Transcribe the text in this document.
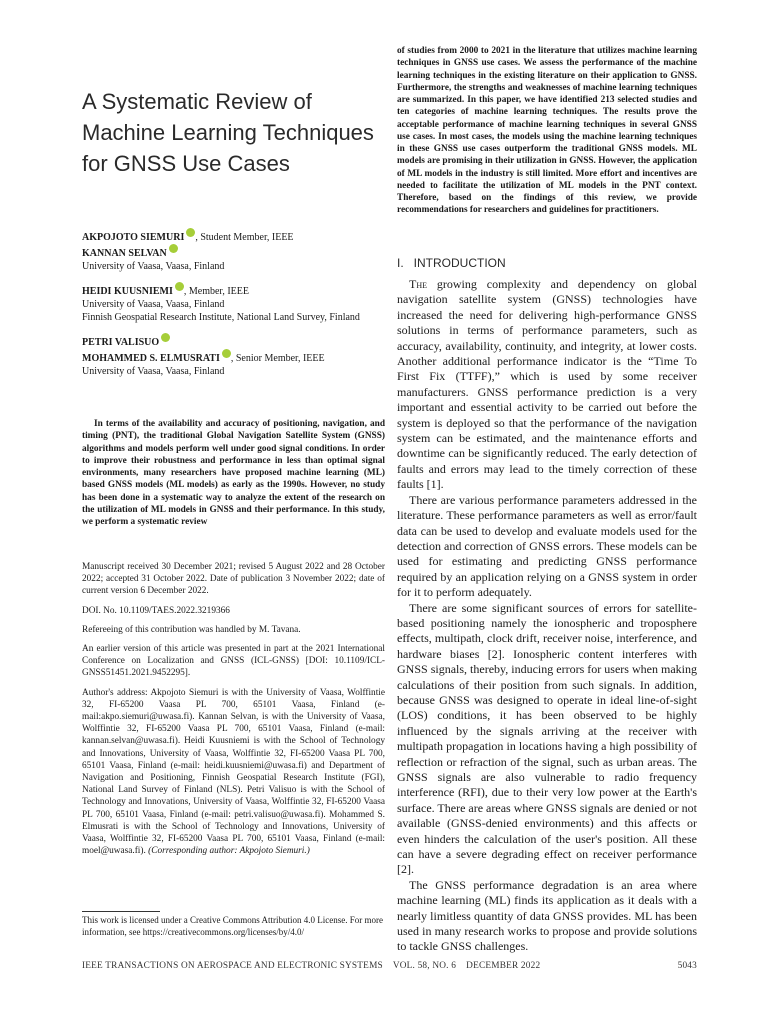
A Systematic Review of Machine Learning Techniques for GNSS Use Cases
AKPOJOTO SIEMURI , Student Member, IEEE
KANNAN SELVAN
University of Vaasa, Vaasa, Finland
HEIDI KUUSNIEMI , Member, IEEE
University of Vaasa, Vaasa, Finland
Finnish Geospatial Research Institute, National Land Survey, Finland
PETRI VALISUO
MOHAMMED S. ELMUSRATI , Senior Member, IEEE
University of Vaasa, Vaasa, Finland

In terms of the availability and accuracy of positioning, navigation, and timing (PNT), the traditional Global Navigation Satellite System (GNSS) algorithms and models perform well under good signal conditions. In order to improve their robustness and performance in less than optimal signal environments, many researchers have proposed machine learning (ML) based GNSS models (ML models) as early as the 1990s. However, no study has been done in a systematic way to analyze the extent of the research on the utilization of ML models in GNSS and their performance. In this study, we perform a systematic review

Manuscript received 30 December 2021; revised 5 August 2022 and 28 October 2022; accepted 31 October 2022. Date of publication 3 November 2022; date of current version 6 December 2022.

DOI. No. 10.1109/TAES.2022.3219366

Refereeing of this contribution was handled by M. Tavana.

An earlier version of this article was presented in part at the 2021 International Conference on Localization and GNSS (ICL-GNSS) [DOI: 10.1109/ICL-GNSS51451.2021.9452295].

Author's address: Akpojoto Siemuri is with the University of Vaasa, Wolffintie 32, FI-65200 Vaasa PL 700, 65101 Vaasa, Finland (e-mail:akpo.siemuri@uwasa.fi). Kannan Selvan, is with the University of Vaasa, Wolffintie 32, FI-65200 Vaasa PL 700, 65101 Vaasa, Finland (e-mail: kannan.selvan@uwasa.fi). Heidi Kuusniemi is with the School of Technology and Innovations, University of Vaasa, Wolffintie 32, FI-65200 Vaasa PL 700, 65101 Vaasa, Finland (e-mail: heidi.kuusniemi@uwasa.fi) and Department of Navigation and Positioning, Finnish Geospatial Research Institute (FGI), National Land Survey of Finland (NLS). Petri Valisuo is with the School of Technology and Innovations, University of Vaasa, Wolffintie 32, FI-65200 Vaasa PL 700, 65101 Vaasa, Finland (e-mail: petri.valisuo@uwasa.fi). Mohammed S. Elmusrati is with the School of Technology and Innovations, University of Vaasa, Wolffintie 32, FI-65200 Vaasa PL 700, 65101 Vaasa, Finland (e-mail: moel@uwasa.fi). (Corresponding author: Akpojoto Siemuri.)

This work is licensed under a Creative Commons Attribution 4.0 License. For more information, see https://creativecommons.org/licenses/by/4.0/

of studies from 2000 to 2021 in the literature that utilizes machine learning techniques in GNSS use cases. We assess the performance of the machine learning techniques in the existing literature on their application to GNSS. Furthermore, the strengths and weaknesses of machine learning techniques are summarized. In this paper, we have identified 213 selected studies and ten categories of machine learning techniques. The results prove the acceptable performance of machine learning techniques in several GNSS use cases. In most cases, the models using the machine learning techniques in these GNSS use cases outperform the traditional GNSS models. ML models are promising in their utilization in GNSS. However, the application of ML models in the industry is still limited. More effort and incentives are needed to facilitate the utilization of ML models in the PNT context. Therefore, based on the findings of this review, we provide recommendations for researchers and guidelines for practitioners.

I. INTRODUCTION

The growing complexity and dependency on global navigation satellite system (GNSS) technologies have increased the need for delivering high-performance GNSS solutions in terms of performance parameters, such as accuracy, availability, continuity, and integrity, at lower costs. Another additional performance indicator is the “Time To First Fix (TTFF),” which is used by some receiver manufacturers. GNSS performance prediction is a very important and essential activity to be carried out before the system is deployed so that the performance of the navigation system can be estimated, and the maintenance efforts and downtime can be significantly reduced. The early detection of faults and errors may lead to the timely correction of these faults [1].

There are various performance parameters addressed in the literature. These performance parameters as well as error/fault data can be used to develop and evaluate models used for the detection and correction of GNSS errors. These models can be used for estimating and predicting GNSS performance required by an application relying on a GNSS system in order for it to perform adequately.

There are some significant sources of errors for satellite-based positioning namely the ionospheric and troposphere effects, multipath, clock drift, receiver noise, interference, and hardware biases [2]. Ionospheric content interferes with GNSS signals, thereby, inducing errors for users when making calculations of their position from such signals. In addition, because GNSS was designed to operate in ideal line-of-sight (LOS) conditions, it has been observed to be highly influenced by the signals arriving at the receiver with multipath propagation in locations having a high possibility of reflection or refraction of the signal, such as urban areas. The GNSS signals are also vulnerable to radio frequency interference (RFI), due to their very low power at the Earth's surface. There are areas where GNSS signals are denied or not available (GNSS-denied environments) and this affects or even hinders the calculation of the user's position. All these can have a severe degrading effect on receiver performance [2].

The GNSS performance degradation is an area where machine learning (ML) finds its application as it deals with a nearly limitless quantity of data GNSS provides. ML has been used in many research works to propose and provide solutions to tackle GNSS challenges.

IEEE TRANSACTIONS ON AEROSPACE AND ELECTRONIC SYSTEMS    VOL. 58, NO. 6    DECEMBER 2022	5043
